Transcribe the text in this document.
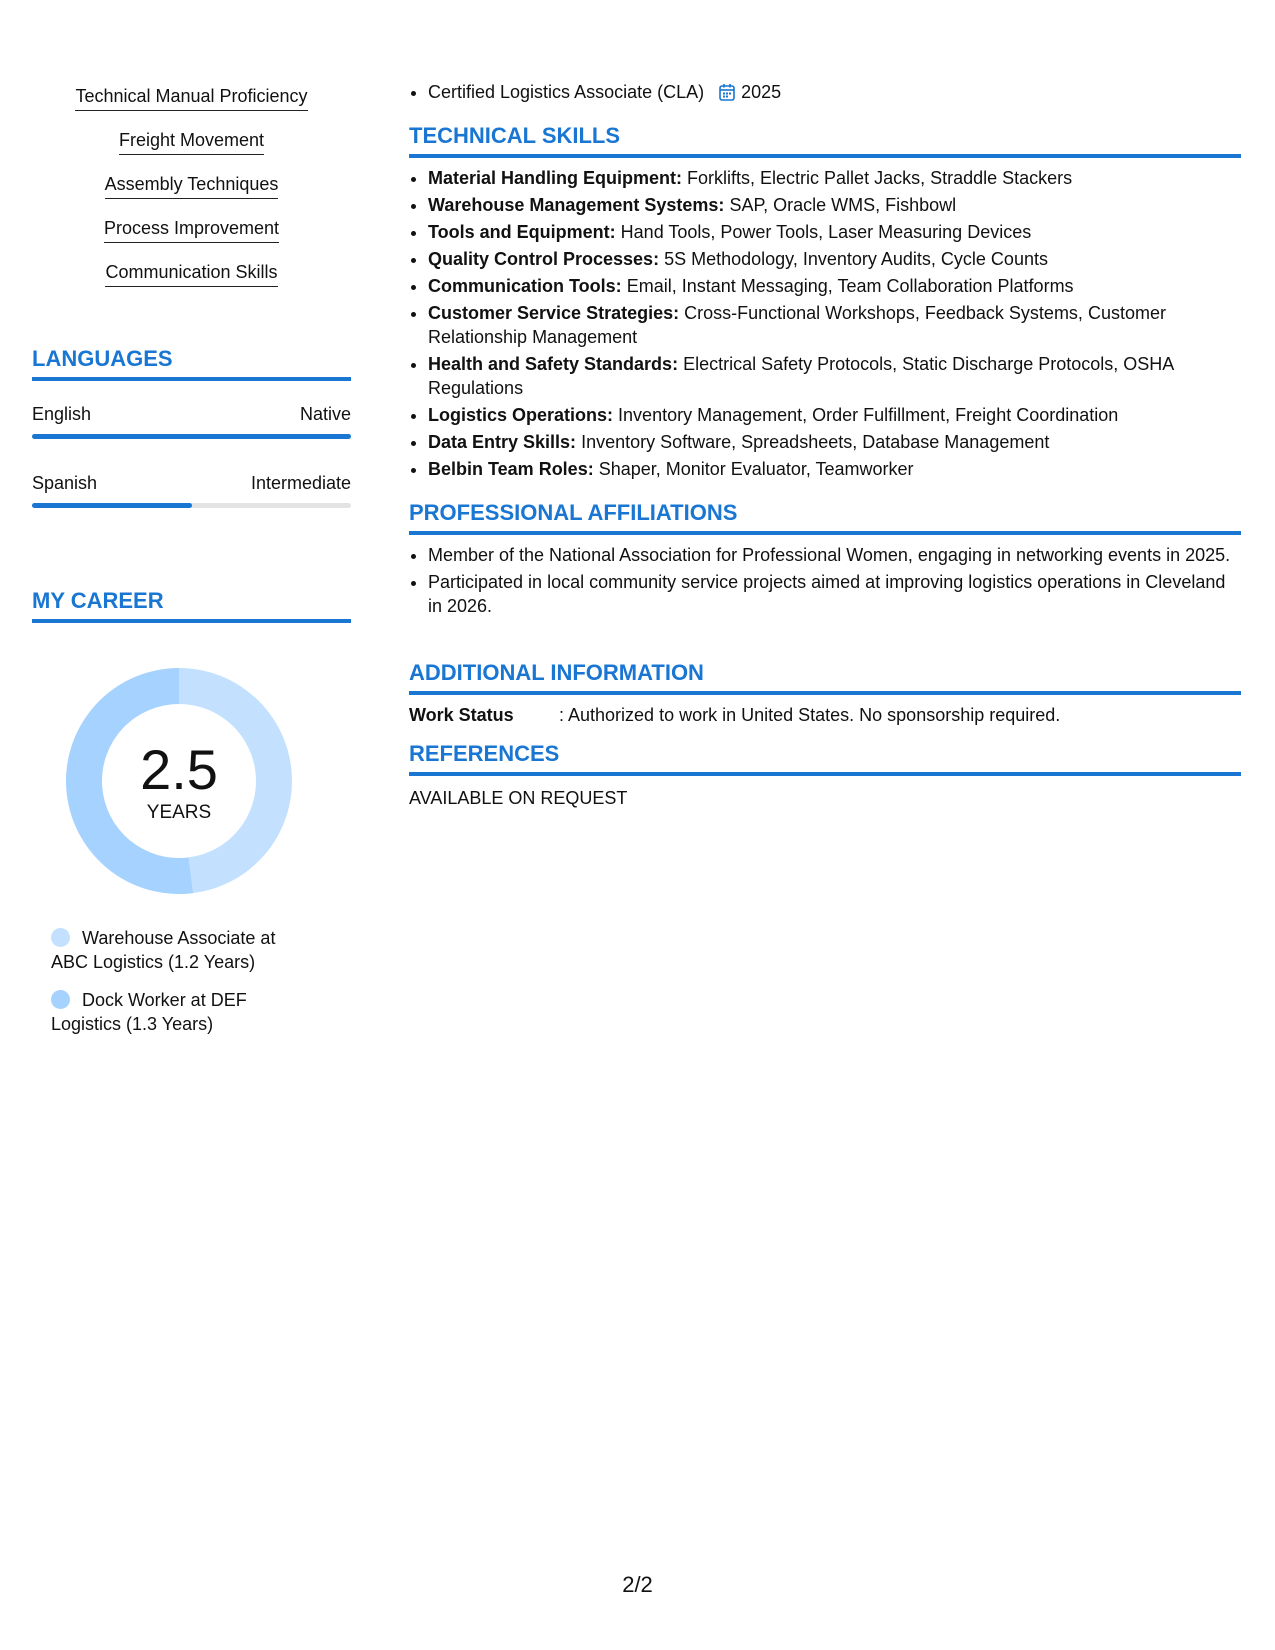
Technical Manual Proficiency
Freight Movement
Assembly Techniques
Process Improvement
Communication Skills
LANGUAGES
English	Native
Spanish	Intermediate
MY CAREER
2.5
YEARS
Warehouse Associate at ABC Logistics (1.2 Years)
Dock Worker at DEF Logistics (1.3 Years)
• Certified Logistics Associate (CLA) 2025
TECHNICAL SKILLS
• Material Handling Equipment: Forklifts, Electric Pallet Jacks, Straddle Stackers
• Warehouse Management Systems: SAP, Oracle WMS, Fishbowl
• Tools and Equipment: Hand Tools, Power Tools, Laser Measuring Devices
• Quality Control Processes: 5S Methodology, Inventory Audits, Cycle Counts
• Communication Tools: Email, Instant Messaging, Team Collaboration Platforms
• Customer Service Strategies: Cross-Functional Workshops, Feedback Systems, Customer Relationship Management
• Health and Safety Standards: Electrical Safety Protocols, Static Discharge Protocols, OSHA Regulations
• Logistics Operations: Inventory Management, Order Fulfillment, Freight Coordination
• Data Entry Skills: Inventory Software, Spreadsheets, Database Management
• Belbin Team Roles: Shaper, Monitor Evaluator, Teamworker
PROFESSIONAL AFFILIATIONS
• Member of the National Association for Professional Women, engaging in networking events in 2025.
• Participated in local community service projects aimed at improving logistics operations in Cleveland in 2026.
ADDITIONAL INFORMATION
Work Status	: Authorized to work in United States. No sponsorship required.
REFERENCES
AVAILABLE ON REQUEST
2/2
